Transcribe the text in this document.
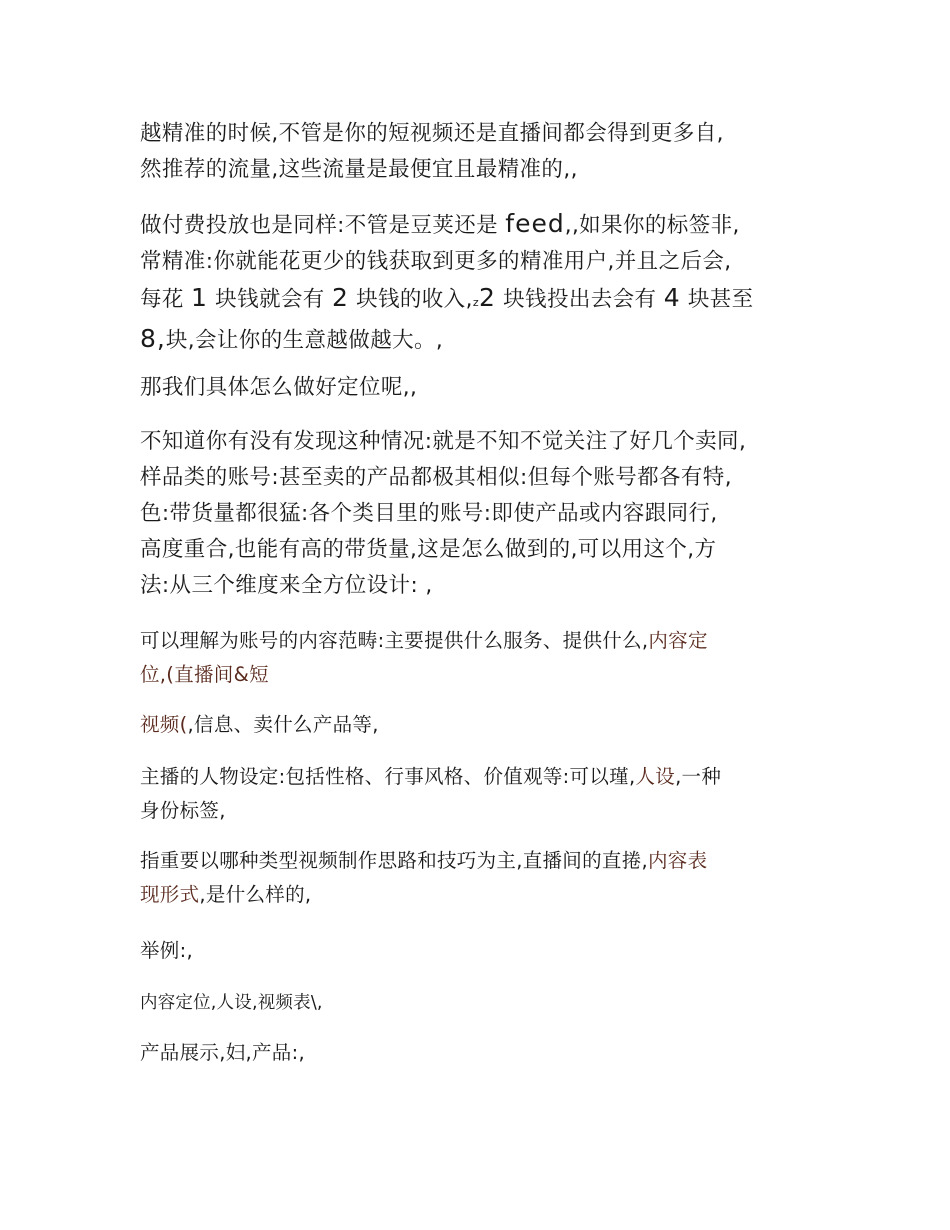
越精准的时候,不管是你的短视频还是直播间都会得到更多自,
然推荐的流量,这些流量是最便宜且最精准的,,

做付费投放也是同样:不管是豆荚还是 feed,,如果你的标签非,
常精准:你就能花更少的钱获取到更多的精准用户,并且之后会,
每花 1 块钱就会有 2 块钱的收入,z2 块钱投出去会有 4 块甚至
8,块,会让你的生意越做越大。,

那我们具体怎么做好定位呢,,

不知道你有没有发现这种情况:就是不知不觉关注了好几个卖同,
样品类的账号:甚至卖的产品都极其相似:但每个账号都各有特,
色:带货量都很猛:各个类目里的账号:即使产品或内容跟同行,
高度重合,也能有高的带货量,这是怎么做到的,可以用这个,方
法:从三个维度来全方位设计: ,

可以理解为账号的内容范畴:主要提供什么服务、提供什么,内容定
位,(直播间&短

视频(,信息、卖什么产品等,

主播的人物设定:包括性格、行事风格、价值观等:可以瑾,人设,一种
身份标签,

指重要以哪种类型视频制作思路和技巧为主,直播间的直捲,内容表
现形式,是什么样的,

举例:,

内容定位,人设,视频表\,

产品展示,妇,产品:,
